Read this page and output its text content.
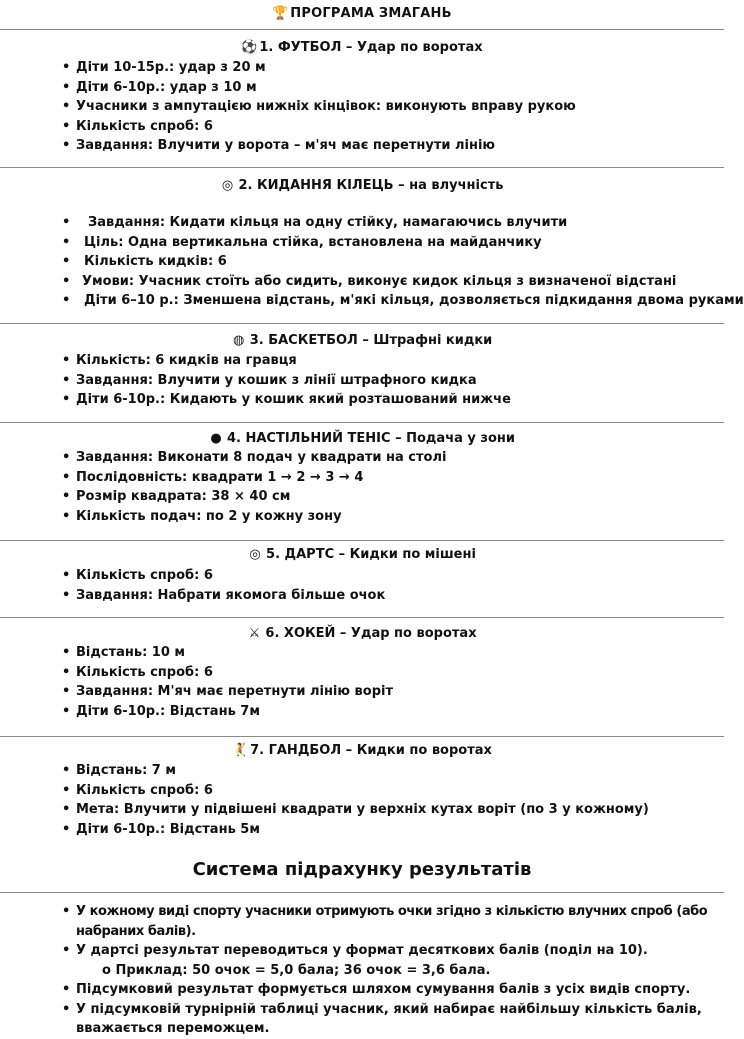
🏆 ПРОГРАМА ЗМАГАНЬ
⚽ 1. ФУТБОЛ – Удар по воротах
• Діти 10-15р.: удар з 20 м
• Діти 6-10р.: удар з 10 м
• Учасники з ампутацією нижніх кінцівок: виконують вправу рукою
• Кількість спроб: 6
• Завдання: Влучити у ворота – м'яч має перетнути лінію
◎ 2. КИДАННЯ КІЛЕЦЬ – на влучність
• Завдання: Кидати кільця на одну стійку, намагаючись влучити
• Ціль: Одна вертикальна стійка, встановлена на майданчику
• Кількість кидків: 6
• Умови: Учасник стоїть або сидить, виконує кидок кільця з визначеної відстані
• Діти 6–10 р.: Зменшена відстань, м'які кільця, дозволяється підкидання двома руками
◍ 3. БАСКЕТБОЛ – Штрафні кидки
• Кількість: 6 кидків на гравця
• Завдання: Влучити у кошик з лінії штрафного кидка
• Діти 6-10р.: Кидають у кошик який розташований нижче
● 4. НАСТІЛЬНИЙ ТЕНІС – Подача у зони
• Завдання: Виконати 8 подач у квадрати на столі
• Послідовність: квадрати 1 → 2 → 3 → 4
• Розмір квадрата: 38 × 40 см
• Кількість подач: по 2 у кожну зону
◎ 5. ДАРТС – Кидки по мішені
• Кількість спроб: 6
• Завдання: Набрати якомога більше очок
⚔ 6. ХОКЕЙ – Удар по воротах
• Відстань: 10 м
• Кількість спроб: 6
• Завдання: М'яч має перетнути лінію воріт
• Діти 6-10р.: Відстань 7м
🤾 7. ГАНДБОЛ – Кидки по воротах
• Відстань: 7 м
• Кількість спроб: 6
• Мета: Влучити у підвішені квадрати у верхніх кутах воріт (по 3 у кожному)
• Діти 6-10р.: Відстань 5м
Система підрахунку результатів
• У кожному виді спорту учасники отримують очки згідно з кількістю влучних спроб (або набраних балів).
• У дартсі результат переводиться у формат десяткових балів (поділ на 10).
о Приклад: 50 очок = 5,0 бала; 36 очок = 3,6 бала.
• Підсумковий результат формується шляхом сумування балів з усіх видів спорту.
• У підсумковій турнірній таблиці учасник, який набирає найбільшу кількість балів, вважається переможцем.
